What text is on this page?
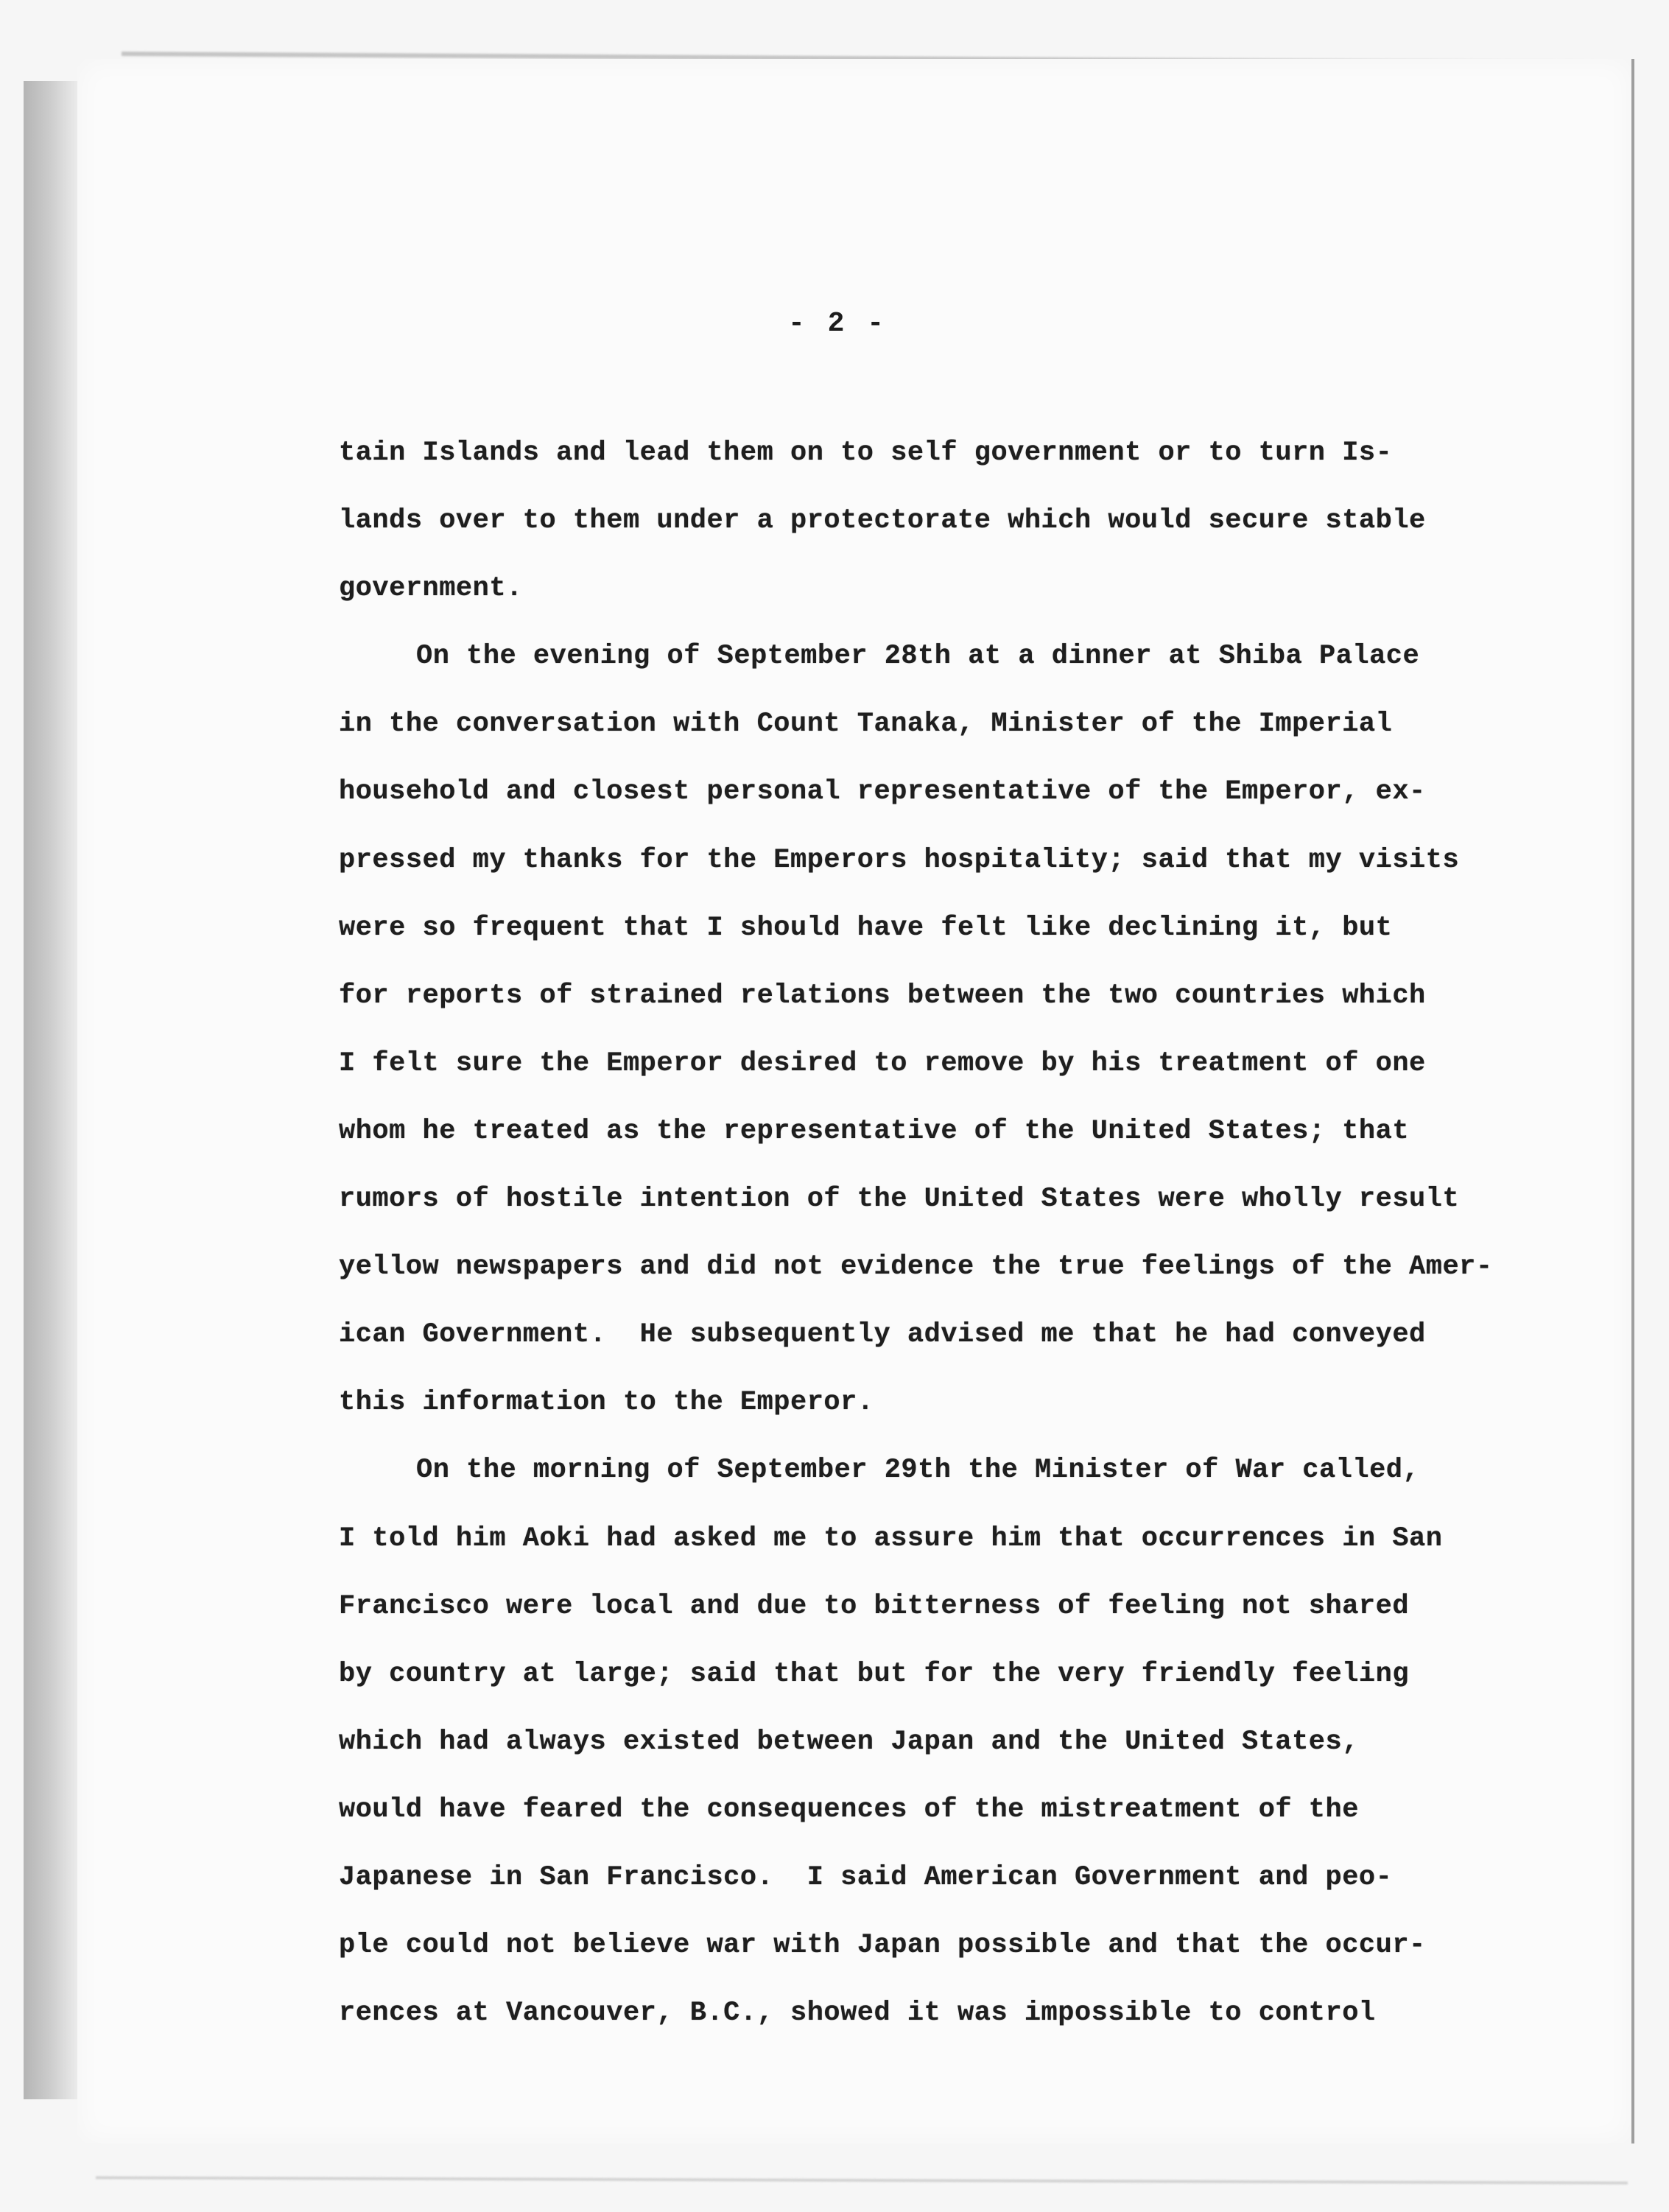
- 2 -
tain Islands and lead them on to self government or to turn Is-
lands over to them under a protectorate which would secure stable
government.
On the evening of September 28th at a dinner at Shiba Palace
in the conversation with Count Tanaka, Minister of the Imperial
household and closest personal representative of the Emperor, ex-
pressed my thanks for the Emperors hospitality; said that my visits
were so frequent that I should have felt like declining it, but
for reports of strained relations between the two countries which
I felt sure the Emperor desired to remove by his treatment of one
whom he treated as the representative of the United States; that
rumors of hostile intention of the United States were wholly result
yellow newspapers and did not evidence the true feelings of the Amer-
ican Government.  He subsequently advised me that he had conveyed
this information to the Emperor.
On the morning of September 29th the Minister of War called,
I told him Aoki had asked me to assure him that occurrences in San
Francisco were local and due to bitterness of feeling not shared
by country at large; said that but for the very friendly feeling
which had always existed between Japan and the United States,
would have feared the consequences of the mistreatment of the
Japanese in San Francisco.  I said American Government and peo-
ple could not believe war with Japan possible and that the occur-
rences at Vancouver, B.C., showed it was impossible to control
